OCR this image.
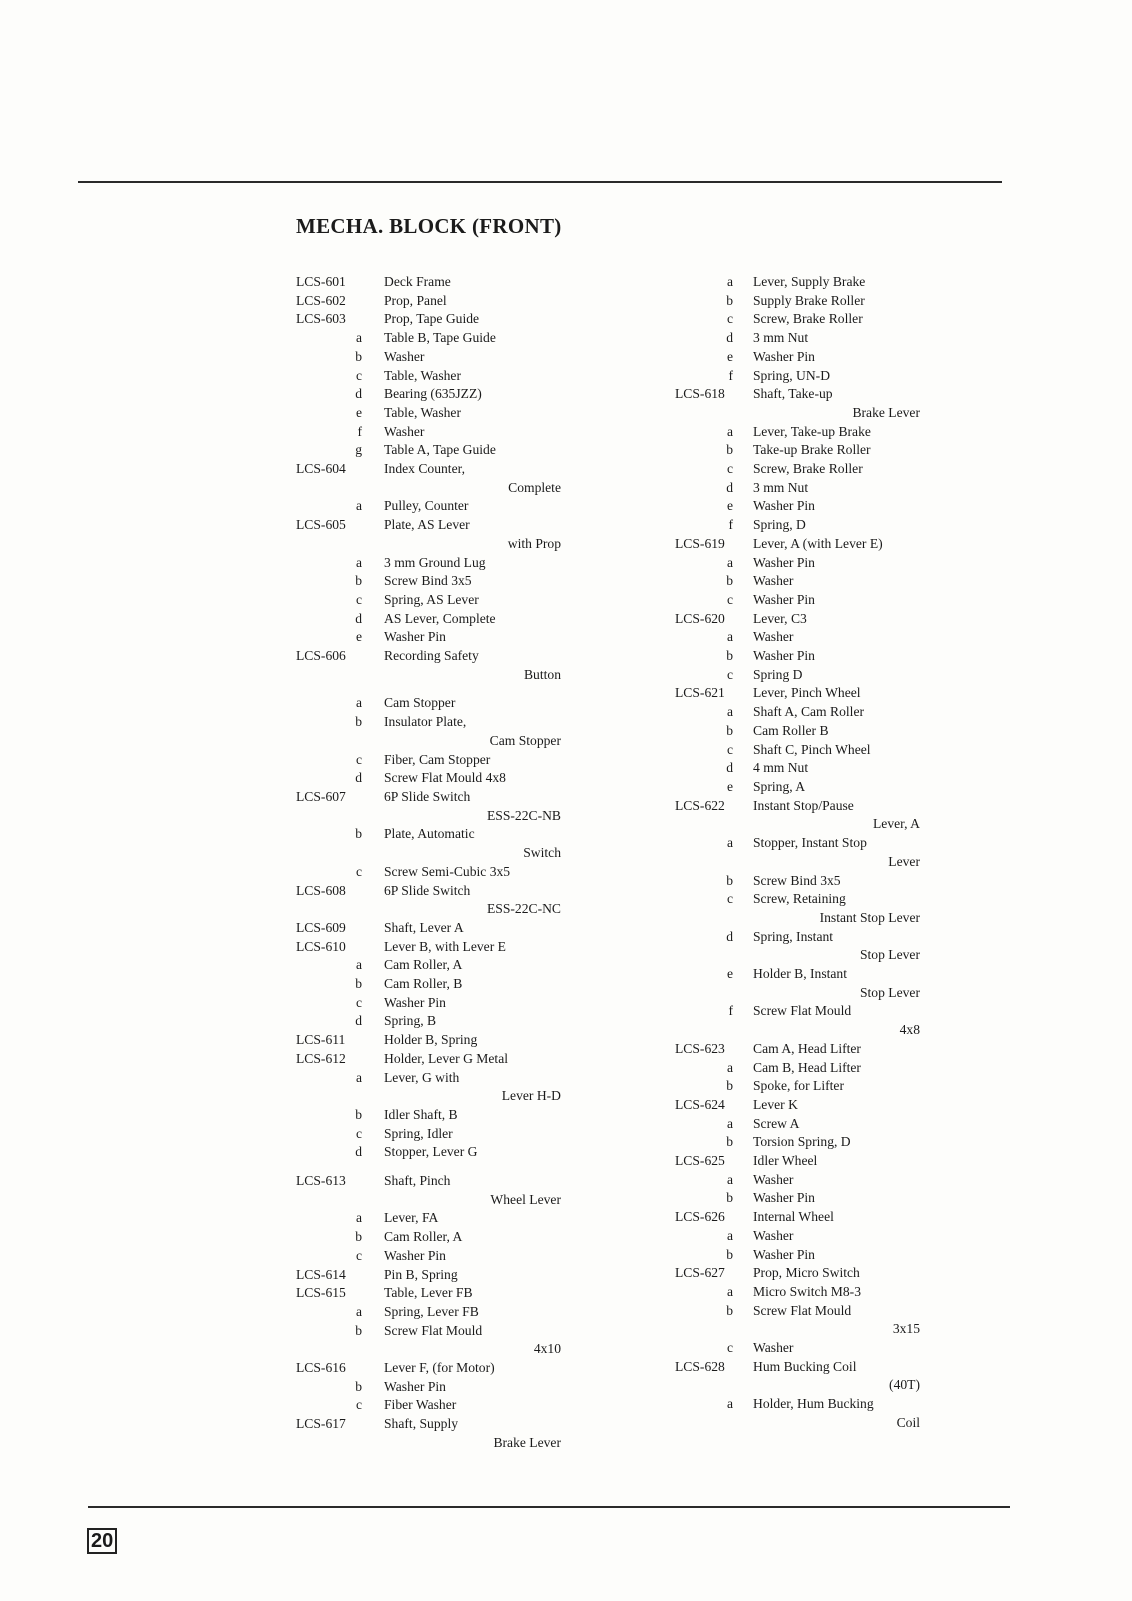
MECHA. BLOCK (FRONT)
LCS-601	Deck Frame
LCS-602	Prop, Panel
LCS-603	Prop, Tape Guide
a	Table B, Tape Guide
b	Washer
c	Table, Washer
d	Bearing (635JZZ)
e	Table, Washer
f	Washer
g	Table A, Tape Guide
LCS-604	Index Counter,
Complete
a	Pulley, Counter
LCS-605	Plate, AS Lever
with Prop
a	3 mm Ground Lug
b	Screw Bind 3x5
c	Spring, AS Lever
d	AS Lever, Complete
e	Washer Pin
LCS-606	Recording Safety
Button
a	Cam Stopper
b	Insulator Plate,
Cam Stopper
c	Fiber, Cam Stopper
d	Screw Flat Mould 4x8
LCS-607	6P Slide Switch
ESS-22C-NB
b	Plate, Automatic
Switch
c	Screw Semi-Cubic 3x5
LCS-608	6P Slide Switch
ESS-22C-NC
LCS-609	Shaft, Lever A
LCS-610	Lever B, with Lever E
a	Cam Roller, A
b	Cam Roller, B
c	Washer Pin
d	Spring, B
LCS-611	Holder B, Spring
LCS-612	Holder, Lever G Metal
a	Lever, G with
Lever H-D
b	Idler Shaft, B
c	Spring, Idler
d	Stopper, Lever G
LCS-613	Shaft, Pinch
Wheel Lever
a	Lever, FA
b	Cam Roller, A
c	Washer Pin
LCS-614	Pin B, Spring
LCS-615	Table, Lever FB
a	Spring, Lever FB
b	Screw Flat Mould
4x10
LCS-616	Lever F, (for Motor)
b	Washer Pin
c	Fiber Washer
LCS-617	Shaft, Supply
Brake Lever
a	Lever, Supply Brake
b	Supply Brake Roller
c	Screw, Brake Roller
d	3 mm Nut
e	Washer Pin
f	Spring, UN-D
LCS-618	Shaft, Take-up
Brake Lever
a	Lever, Take-up Brake
b	Take-up Brake Roller
c	Screw, Brake Roller
d	3 mm Nut
e	Washer Pin
f	Spring, D
LCS-619	Lever, A (with Lever E)
a	Washer Pin
b	Washer
c	Washer Pin
LCS-620	Lever, C3
a	Washer
b	Washer Pin
c	Spring D
LCS-621	Lever, Pinch Wheel
a	Shaft A, Cam Roller
b	Cam Roller B
c	Shaft C, Pinch Wheel
d	4 mm Nut
e	Spring, A
LCS-622	Instant Stop/Pause
Lever, A
a	Stopper, Instant Stop
Lever
b	Screw Bind 3x5
c	Screw, Retaining
Instant Stop Lever
d	Spring, Instant
Stop Lever
e	Holder B, Instant
Stop Lever
f	Screw Flat Mould
4x8
LCS-623	Cam A, Head Lifter
a	Cam B, Head Lifter
b	Spoke, for Lifter
LCS-624	Lever K
a	Screw A
b	Torsion Spring, D
LCS-625	Idler Wheel
a	Washer
b	Washer Pin
LCS-626	Internal Wheel
a	Washer
b	Washer Pin
LCS-627	Prop, Micro Switch
a	Micro Switch M8-3
b	Screw Flat Mould
3x15
c	Washer
LCS-628	Hum Bucking Coil
(40T)
a	Holder, Hum Bucking
Coil
20
